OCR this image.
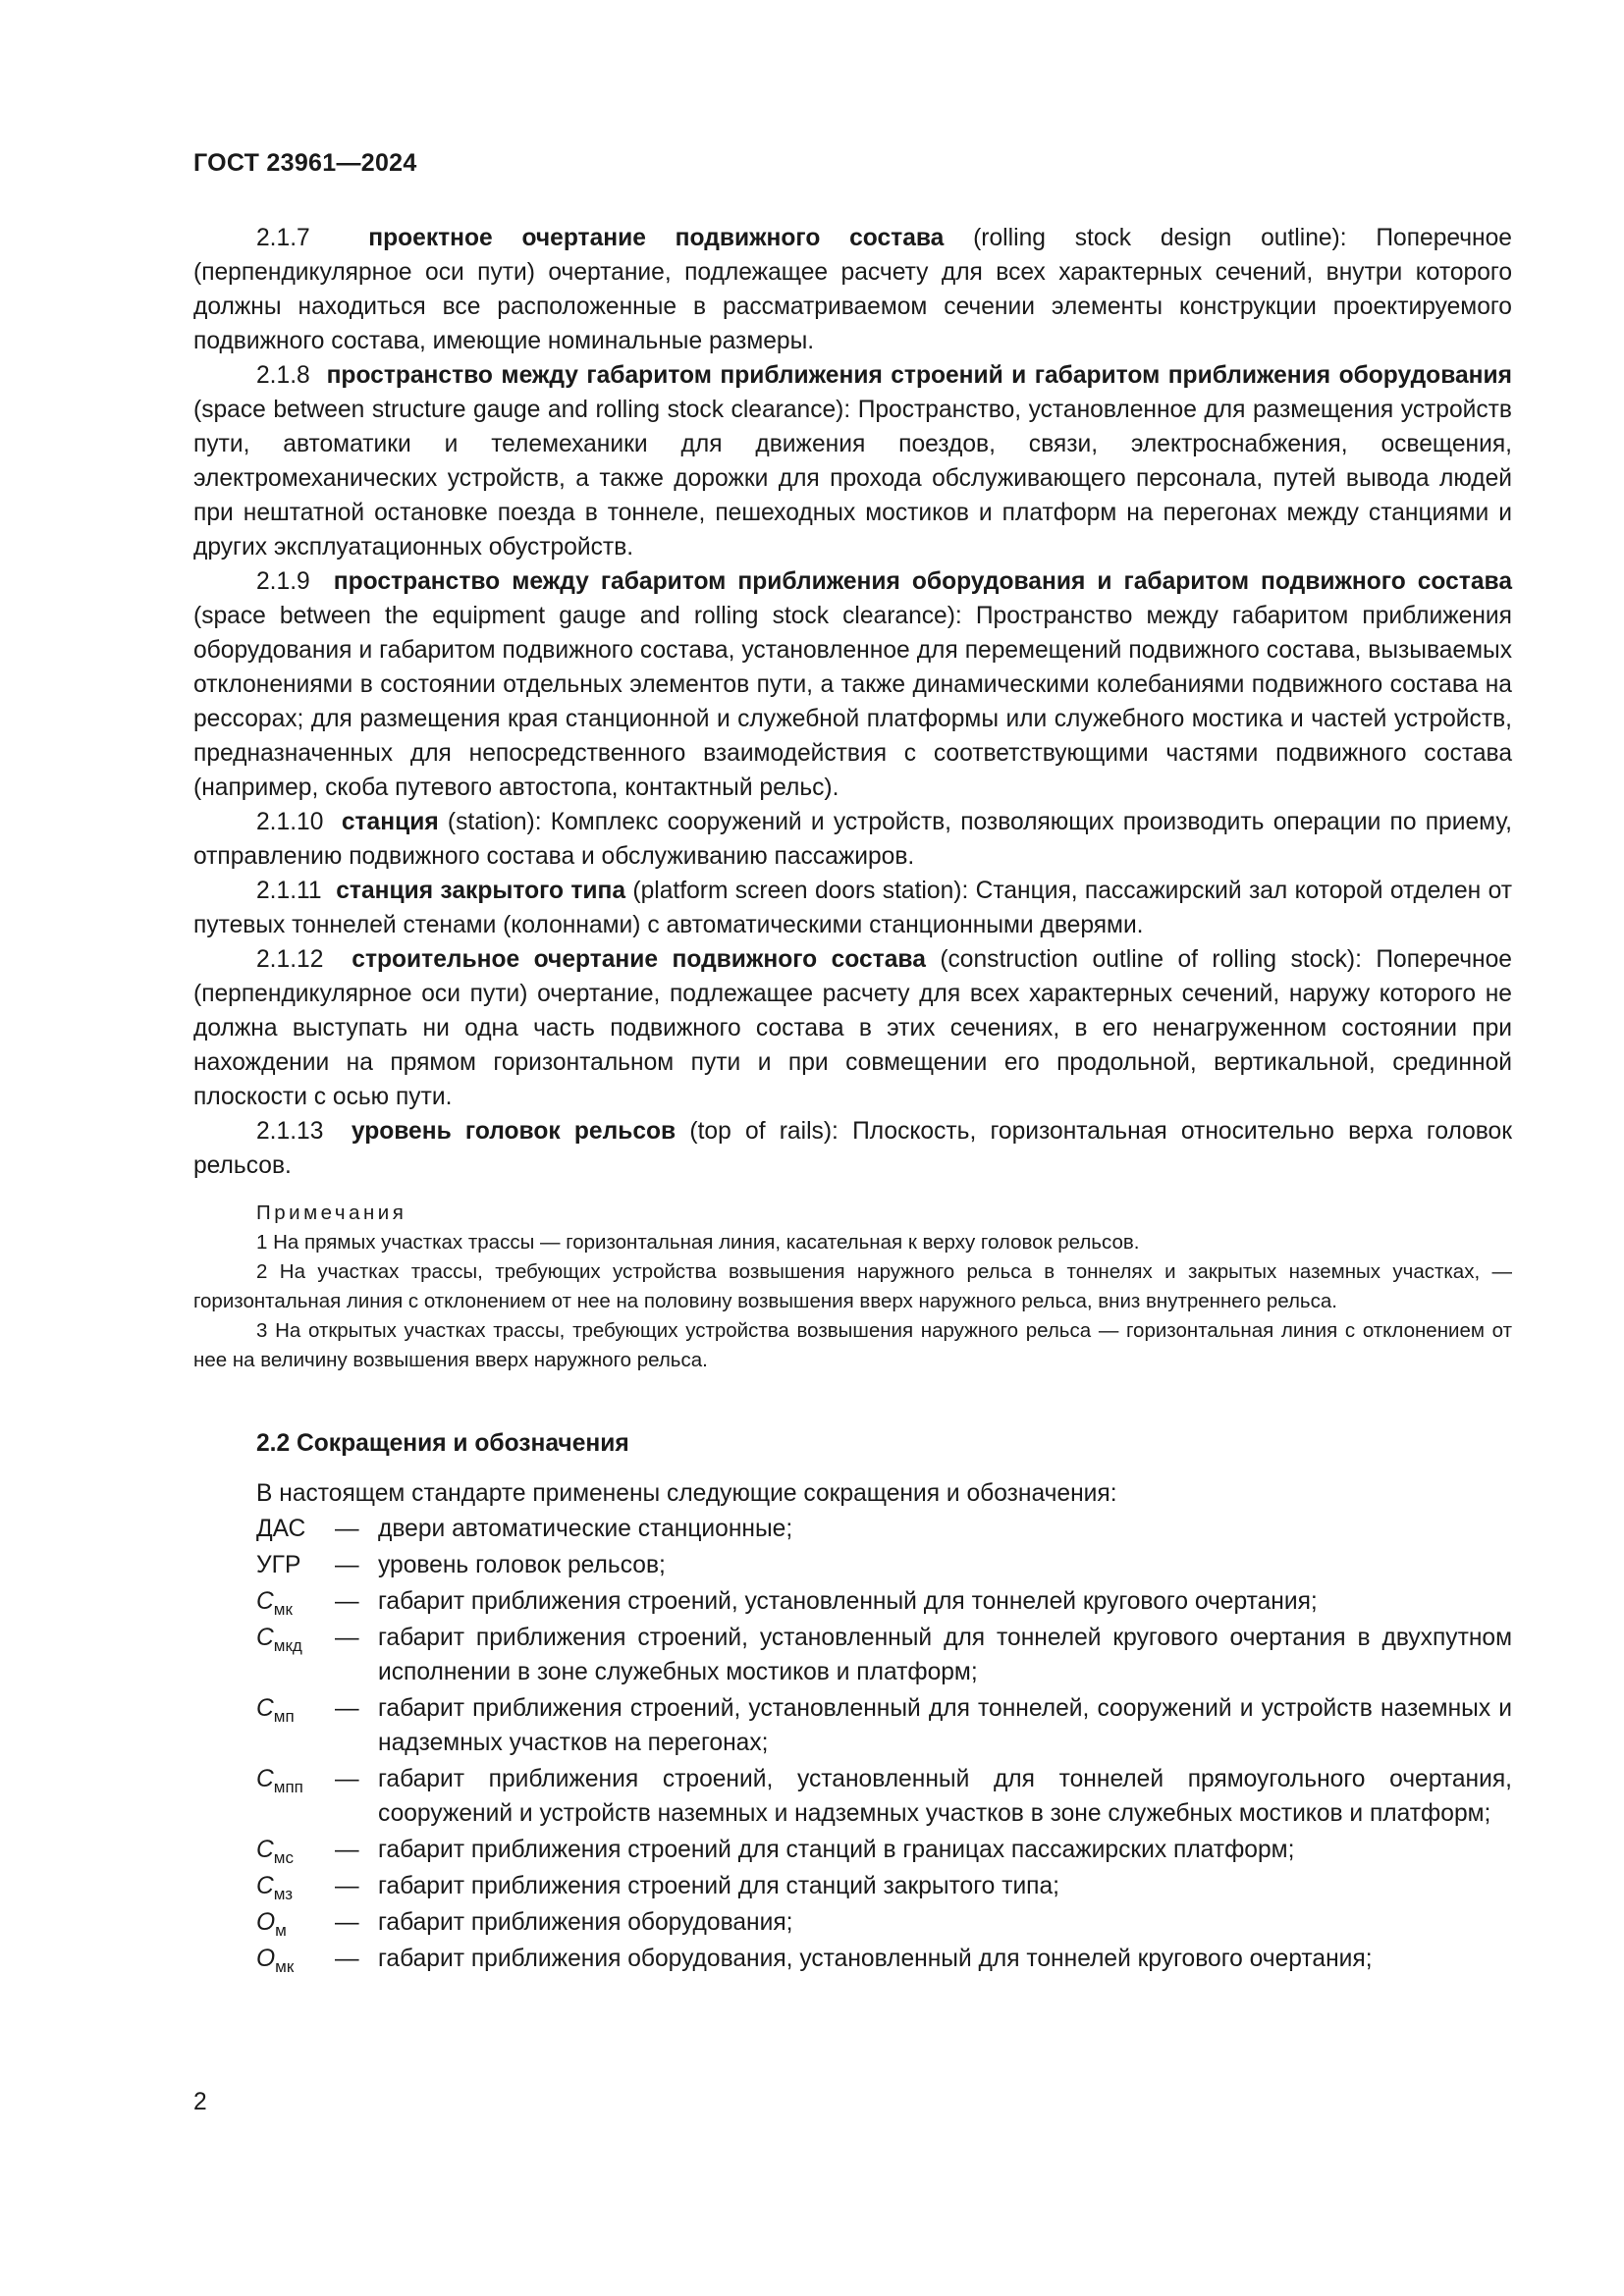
ГОСТ 23961—2024

2.1.7 проектное очертание подвижного состава (rolling stock design outline): Поперечное (перпендикулярное оси пути) очертание, подлежащее расчету для всех характерных сечений, внутри которого должны находиться все расположенные в рассматриваемом сечении элементы конструкции проектируемого подвижного состава, имеющие номинальные размеры.

2.1.8 пространство между габаритом приближения строений и габаритом приближения оборудования (space between structure gauge and rolling stock clearance): Пространство, установленное для размещения устройств пути, автоматики и телемеханики для движения поездов, связи, электроснабжения, освещения, электромеханических устройств, а также дорожки для прохода обслуживающего персонала, путей вывода людей при нештатной остановке поезда в тоннеле, пешеходных мостиков и платформ на перегонах между станциями и других эксплуатационных обустройств.

2.1.9 пространство между габаритом приближения оборудования и габаритом подвижного состава (space between the equipment gauge and rolling stock clearance): Пространство между габаритом приближения оборудования и габаритом подвижного состава, установленное для перемещений подвижного состава, вызываемых отклонениями в состоянии отдельных элементов пути, а также динамическими колебаниями подвижного состава на рессорах; для размещения края станционной и служебной платформы или служебного мостика и частей устройств, предназначенных для непосредственного взаимодействия с соответствующими частями подвижного состава (например, скоба путевого автостопа, контактный рельс).

2.1.10 станция (station): Комплекс сооружений и устройств, позволяющих производить операции по приему, отправлению подвижного состава и обслуживанию пассажиров.

2.1.11 станция закрытого типа (platform screen doors station): Станция, пассажирский зал которой отделен от путевых тоннелей стенами (колоннами) с автоматическими станционными дверями.

2.1.12 строительное очертание подвижного состава (construction outline of rolling stock): Поперечное (перпендикулярное оси пути) очертание, подлежащее расчету для всех характерных сечений, наружу которого не должна выступать ни одна часть подвижного состава в этих сечениях, в его ненагруженном состоянии при нахождении на прямом горизонтальном пути и при совмещении его продольной, вертикальной, срединной плоскости с осью пути.

2.1.13 уровень головок рельсов (top of rails): Плоскость, горизонтальная относительно верха головок рельсов.

Примечания

1 На прямых участках трассы — горизонтальная линия, касательная к верху головок рельсов.

2 На участках трассы, требующих устройства возвышения наружного рельса в тоннелях и закрытых наземных участках, — горизонтальная линия с отклонением от нее на половину возвышения вверх наружного рельса, вниз внутреннего рельса.

3 На открытых участках трассы, требующих устройства возвышения наружного рельса — горизонтальная линия с отклонением от нее на величину возвышения вверх наружного рельса.

2.2 Сокращения и обозначения
В настоящем стандарте применены следующие сокращения и обозначения:
ДАС	— двери автоматические станционные;
УГР	— уровень головок рельсов;
$С_{мк}$	— габарит приближения строений, установленный для тоннелей кругового очертания;
$С_{мкд}$	— габарит приближения строений, установленный для тоннелей кругового очертания в двухпутном исполнении в зоне служебных мостиков и платформ;
$С_{мп}$	— габарит приближения строений, установленный для тоннелей, сооружений и устройств наземных и надземных участков на перегонах;
$С_{мпп}$	— габарит приближения строений, установленный для тоннелей прямоугольного очертания, сооружений и устройств наземных и надземных участков в зоне служебных мостиков и платформ;
$С_{мс}$	— габарит приближения строений для станций в границах пассажирских платформ;
$С_{мз}$	— габарит приближения строений для станций закрытого типа;
$О_м$	— габарит приближения оборудования;
$О_{мк}$	— габарит приближения оборудования, установленный для тоннелей кругового очертания;
2
